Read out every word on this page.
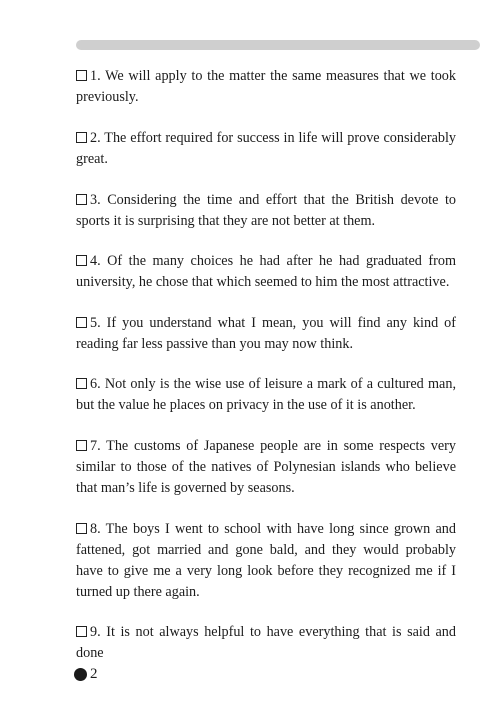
1. We will apply to the matter the same measures that we took previously.

2. The effort required for success in life will prove considerably great.

3. Considering the time and effort that the British devote to sports it is surprising that they are not better at them.

4. Of the many choices he had after he had graduated from university, he chose that which seemed to him the most attractive.

5. If you understand what I mean, you will find any kind of reading far less passive than you may now think.

6. Not only is the wise use of leisure a mark of a cultured man, but the value he places on privacy in the use of it is another.

7. The customs of Japanese people are in some respects very similar to those of the natives of Polynesian islands who believe that man’s life is governed by seasons.

8. The boys I went to school with have long since grown and fattened, got married and gone bald, and they would probably have to give me a very long look before they recognized me if I turned up there again.

9. It is not always helpful to have everything that is said and done

2
